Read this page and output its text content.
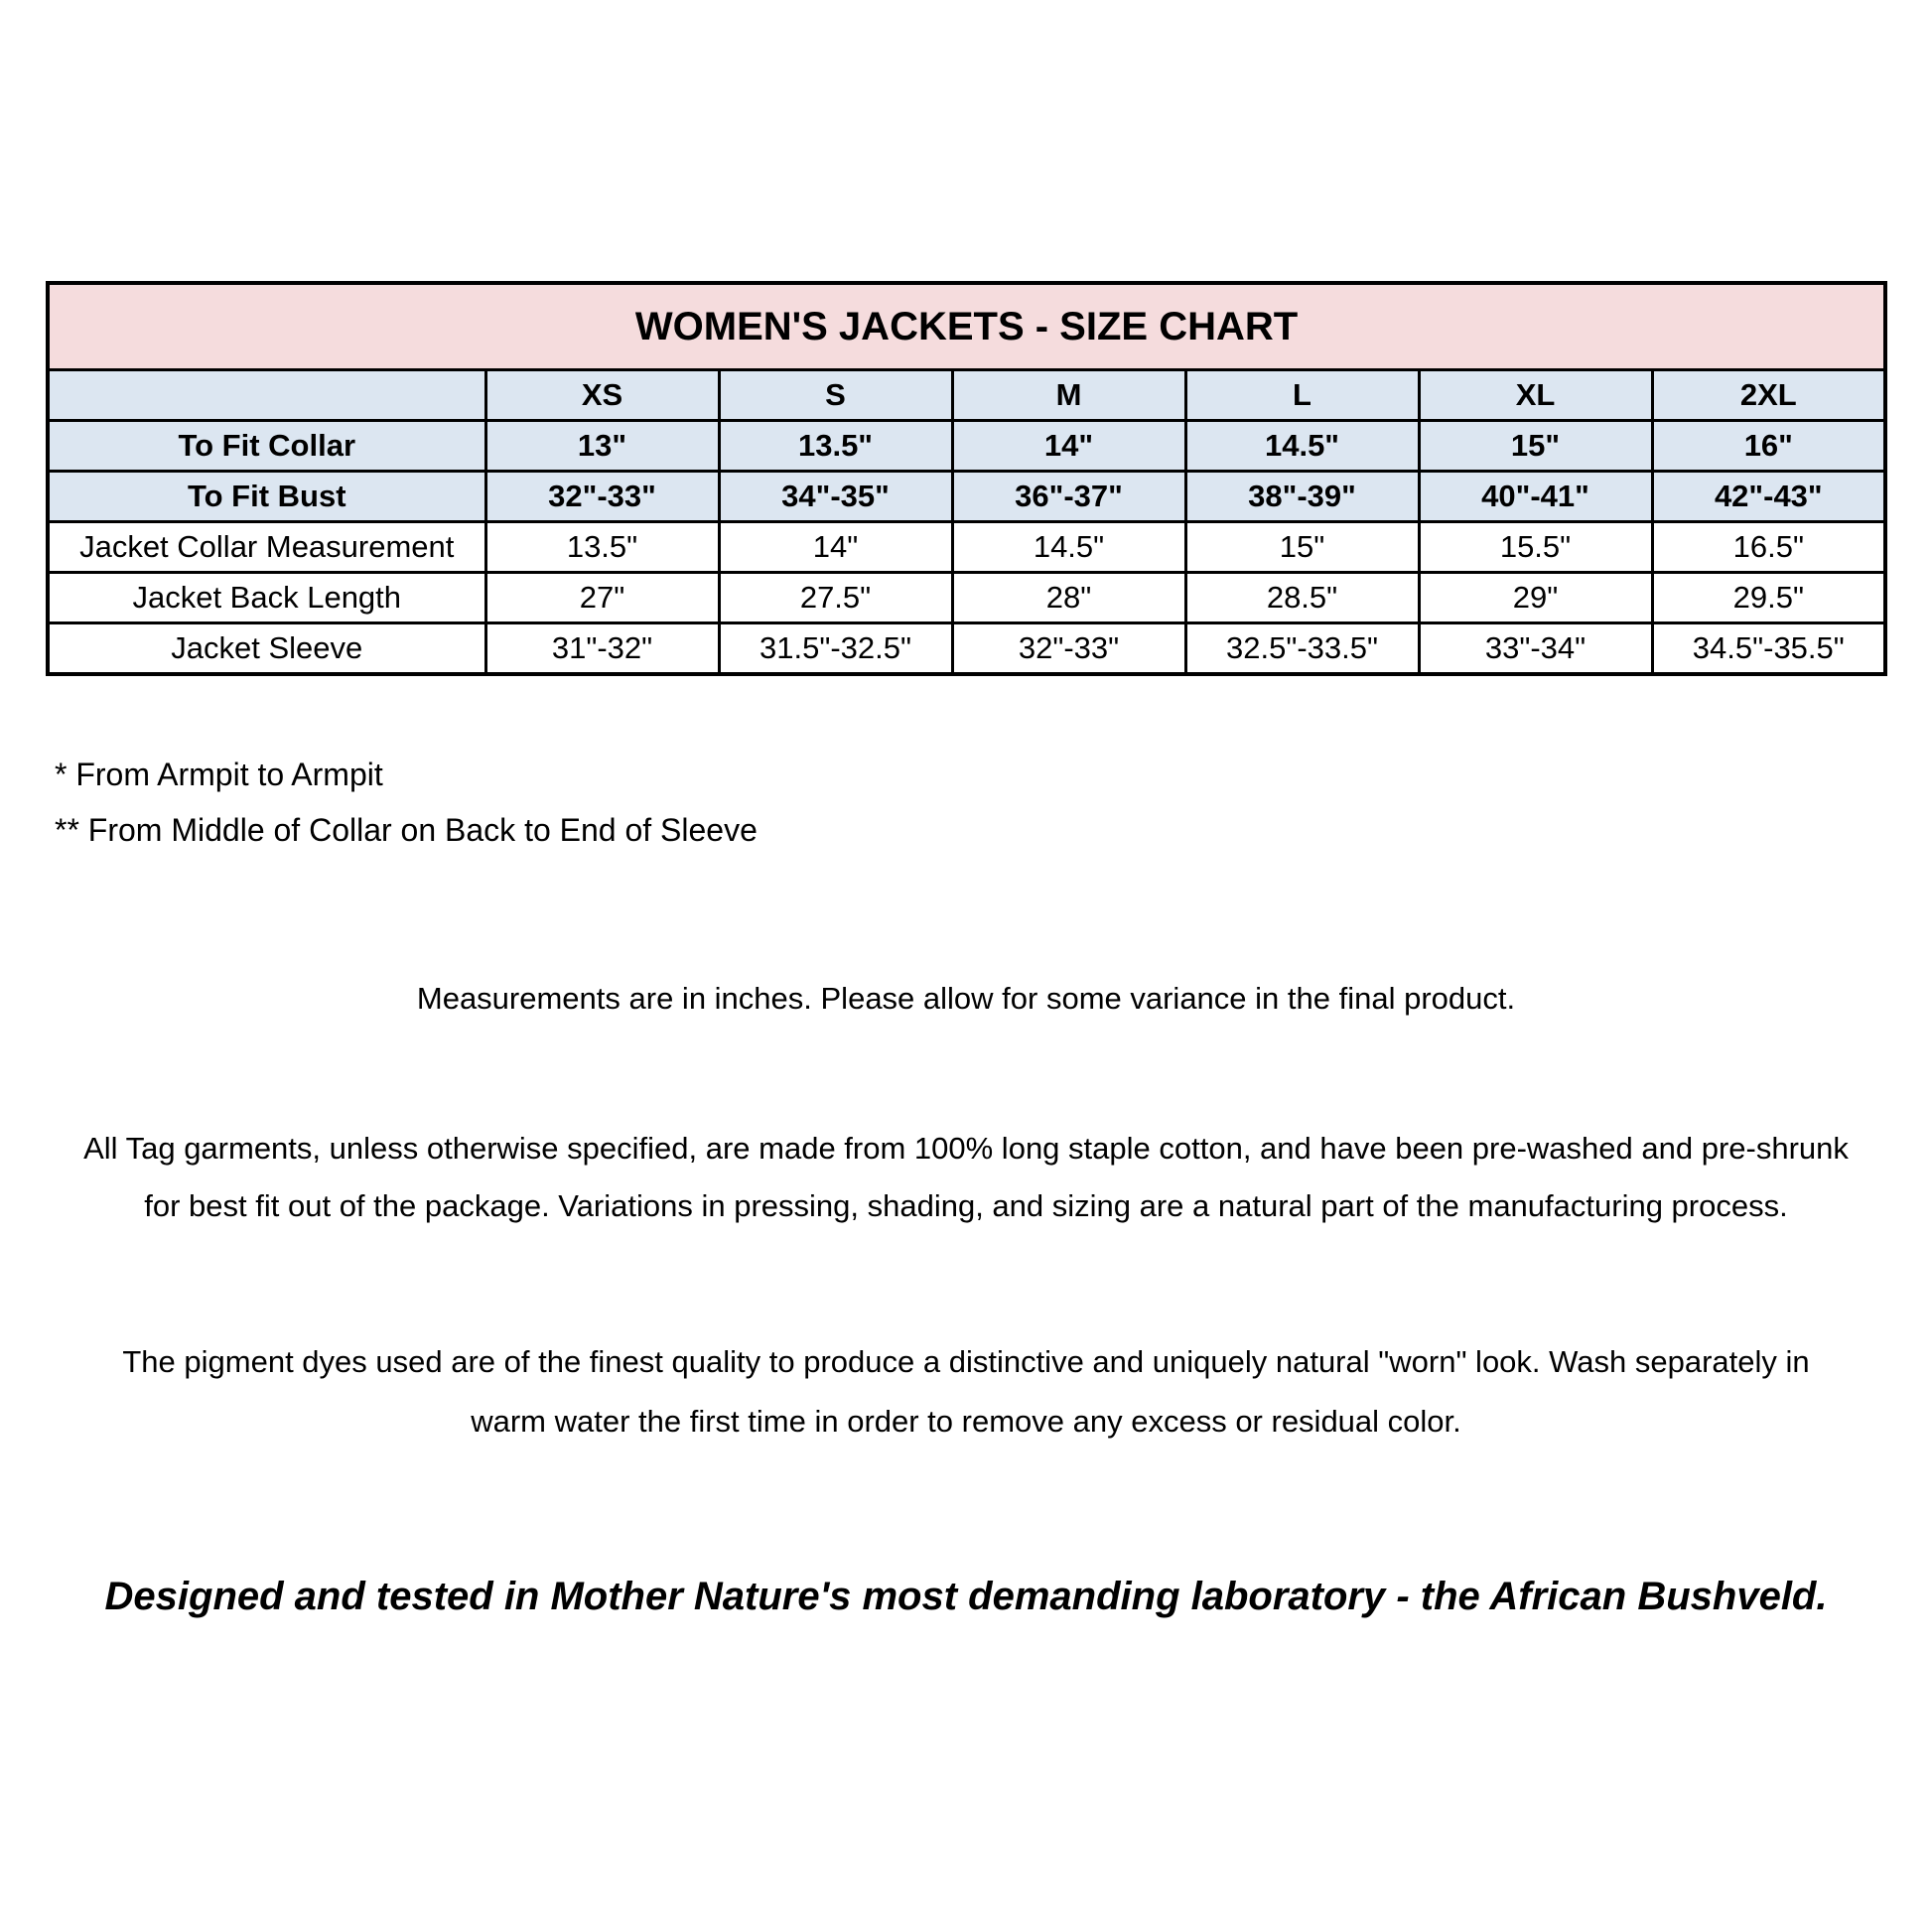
WOMEN'S JACKETS - SIZE CHART						
	XS	S	M	L	XL	2XL
To Fit Collar	13"	13.5"	14"	14.5"	15"	16"
To Fit Bust	32"-33"	34"-35"	36"-37"	38"-39"	40"-41"	42"-43"
Jacket Collar Measurement	13.5"	14"	14.5"	15"	15.5"	16.5"
Jacket Back Length	27"	27.5"	28"	28.5"	29"	29.5"
Jacket Sleeve	31"-32"	31.5"-32.5"	32"-33"	32.5"-33.5"	33"-34"	34.5"-35.5"
* From Armpit to Armpit
** From Middle of Collar on Back to End of Sleeve
Measurements are in inches. Please allow for some variance in the final product.
All Tag garments, unless otherwise specified, are made from 100% long staple cotton, and have been pre-washed and pre-shrunk
for best fit out of the package. Variations in pressing, shading, and sizing are a natural part of the manufacturing process.
The pigment dyes used are of the finest quality to produce a distinctive and uniquely natural "worn" look. Wash separately in
warm water the first time in order to remove any excess or residual color.
Designed and tested in Mother Nature's most demanding laboratory - the African Bushveld.
